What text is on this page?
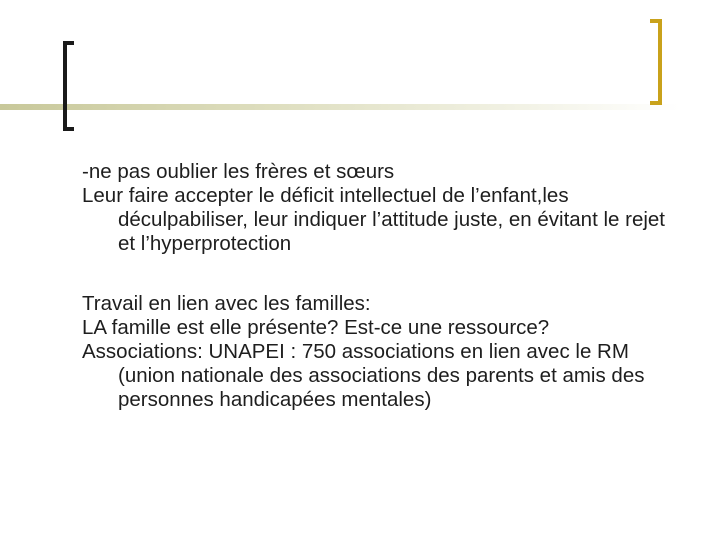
-ne pas oublier les frères et sœurs

Leur faire accepter le déficit intellectuel de l’enfant,les déculpabiliser, leur indiquer l’attitude juste, en évitant le rejet et l’hyperprotection

Travail en lien avec les familles:

LA famille est elle présente? Est-ce une ressource?

Associations: UNAPEI : 750 associations en lien avec le RM (union nationale des associations des parents et amis des personnes handicapées mentales)
